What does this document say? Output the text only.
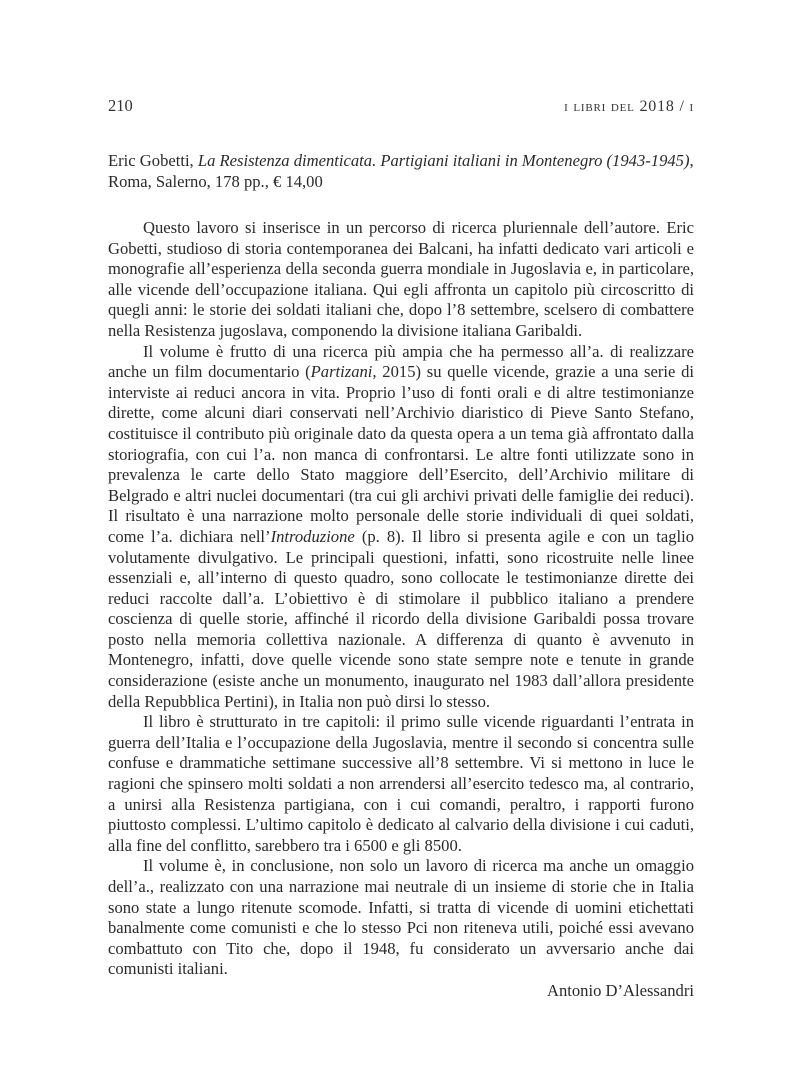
210	i libri del 2018 / i
Eric Gobetti, La Resistenza dimenticata. Partigiani italiani in Montenegro (1943-1945), Roma, Salerno, 178 pp., € 14,00

Questo lavoro si inserisce in un percorso di ricerca pluriennale dell’autore. Eric Gobetti, studioso di storia contemporanea dei Balcani, ha infatti dedicato vari articoli e monografie all’esperienza della seconda guerra mondiale in Jugoslavia e, in particolare, alle vicende dell’occupazione italiana. Qui egli affronta un capitolo più circoscritto di quegli anni: le storie dei soldati italiani che, dopo l’8 settembre, scelsero di combattere nella Resistenza jugoslava, componendo la divisione italiana Garibaldi.

Il volume è frutto di una ricerca più ampia che ha permesso all’a. di realizzare anche un film documentario (Partizani, 2015) su quelle vicende, grazie a una serie di interviste ai reduci ancora in vita. Proprio l’uso di fonti orali e di altre testimonianze dirette, come alcuni diari conservati nell’Archivio diaristico di Pieve Santo Stefano, costituisce il contributo più originale dato da questa opera a un tema già affrontato dalla storiografia, con cui l’a. non manca di confrontarsi. Le altre fonti utilizzate sono in prevalenza le carte dello Stato maggiore dell’Esercito, dell’Archivio militare di Belgrado e altri nuclei documentari (tra cui gli archivi privati delle famiglie dei reduci). Il risultato è una narrazione molto personale delle storie individuali di quei soldati, come l’a. dichiara nell’Introduzione (p. 8). Il libro si presenta agile e con un taglio volutamente divulgativo. Le principali questioni, infatti, sono ricostruite nelle linee essenziali e, all’interno di questo quadro, sono collocate le testimonianze dirette dei reduci raccolte dall’a. L’obiettivo è di stimolare il pubblico italiano a prendere coscienza di quelle storie, affinché il ricordo della divisione Garibaldi possa trovare posto nella memoria collettiva nazionale. A differenza di quanto è avvenuto in Montenegro, infatti, dove quelle vicende sono state sempre note e tenute in grande considerazione (esiste anche un monumento, inaugurato nel 1983 dall’allora presidente della Repubblica Pertini), in Italia non può dirsi lo stesso.

Il libro è strutturato in tre capitoli: il primo sulle vicende riguardanti l’entrata in guerra dell’Italia e l’occupazione della Jugoslavia, mentre il secondo si concentra sulle confuse e drammatiche settimane successive all’8 settembre. Vi si mettono in luce le ragioni che spinsero molti soldati a non arrendersi all’esercito tedesco ma, al contrario, a unirsi alla Resistenza partigiana, con i cui comandi, peraltro, i rapporti furono piuttosto complessi. L’ultimo capitolo è dedicato al calvario della divisione i cui caduti, alla fine del conflitto, sarebbero tra i 6500 e gli 8500.

Il volume è, in conclusione, non solo un lavoro di ricerca ma anche un omaggio dell’a., realizzato con una narrazione mai neutrale di un insieme di storie che in Italia sono state a lungo ritenute scomode. Infatti, si tratta di vicende di uomini etichettati banalmente come comunisti e che lo stesso Pci non riteneva utili, poiché essi avevano combattuto con Tito che, dopo il 1948, fu considerato un avversario anche dai comunisti italiani.

Antonio D’Alessandri
